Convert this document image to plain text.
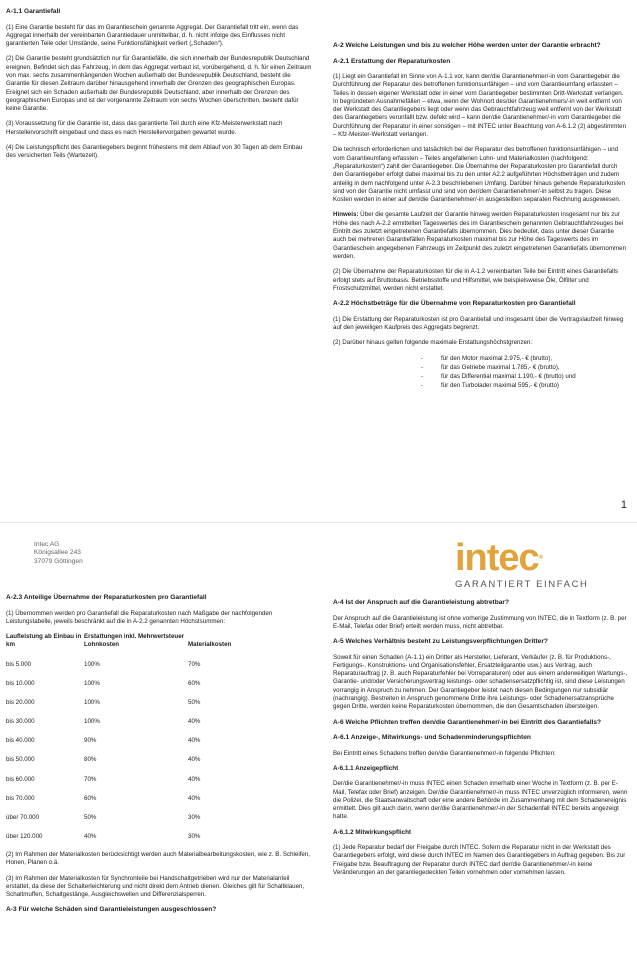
A-1.1 Garantiefall

(1) Eine Garantie besteht für das im Garantieschein genannte Aggregat. Der Garantiefall tritt ein, wenn das Aggregat innerhalb der vereinbarten Garantiedauer unmittelbar, d. h. nicht infolge des Einflusses nicht garantierten Teile oder Umstände, seine Funktionsfähigkeit verliert („Schaden“).

(2) Die Garantie besteht grundsätzlich nur für Garantiefälle, die sich innerhalb der Bundesrepublik Deutschland ereignen. Befindet sich das Fahrzeug, in dem das Aggregat verbaut ist, vorübergehend, d. h. für einen Zeitraum von max. sechs zusammenhängenden Wochen außerhalb der Bundesrepublik Deutschland, besteht die Garantie für diesen Zeitraum darüber hinausgehend innerhalb der Grenzen des geographischen Europas. Ereignet sich ein Schaden außerhalb der Bundesrepublik Deutschland, aber innerhalb der Grenzen des geographischen Europas und ist der vorgenannte Zeitraum von sechs Wochen überschritten, besteht dafür keine Garantie.

(3) Voraussetzung für die Garantie ist, dass das garantierte Teil durch eine Kfz-Meisterwerkstatt nach Herstellervorschrift eingebaut und dass es nach Herstellervorgaben gewartet wurde.

(4) Die Leistungspflicht des Garantiegebers beginnt frühestens mit dem Ablauf von 30 Tagen ab dem Einbau des versicherten Teils (Wartezeit).

A-2 Welche Leistungen und bis zu welcher Höhe werden unter der Garantie erbracht?
A-2.1 Erstattung der Reparaturkosten

(1) Liegt ein Garantiefall im Sinne von A-1.1 vor, kann der/die Garantienehmer/-in vom Garantiegeber die Durchführung der Reparatur des betroffenen funktionsunfähigen – und vom Garantieumfang erfassten – Teiles in dessen eigener Werkstatt oder in einer vom Garantiegeber bestimmten Dritt-Werkstatt verlangen. In begründeten Ausnahmefällen – etwa, wenn der Wohnort des/der Garantienehmers/-in weit entfernt von der Werkstatt des Garantiegebers liegt oder wenn das Gebrauchtfahrzeug weit entfernt von der Werkstatt des Garantiegebers verunfallt bzw. defekt wird – kann der/die Garantienehmer/-in vom Garantiegeber die Durchführung der Reparatur in einer sonstigen – mit INTEC unter Beachtung von A-6.1.2 (2) abgestimmten – Kfz-Meister-Werkstatt verlangen.

Die technisch erforderlichen und tatsächlich bei der Reparatur des betroffenen funktionsunfähigen – und vom Garantieumfang erfassten – Teiles angefallenen Lohn- und Materialkosten (nachfolgend: „Reparaturkosten“) zahlt der Garantiegeber. Die Übernahme der Reparaturkosten pro Garantiefall durch den Garantiegeber erfolgt dabei maximal bis zu den unter A2.2 aufgeführten Höchstbeträgen und zudem anteilig in dem nachfolgend unter A-2.3 beschriebenen Umfang. Darüber hinaus gehende Reparaturkosten sind von der Garantie nicht umfasst und sind von der/dem Garantienehmer/-in selbst zu tragen. Diese Kosten werden in einer auf den/die Garantienehmer/-in ausgestellten separaten Rechnung ausgewiesen.

Hinweis: Über die gesamte Laufzeit der Garantie hinweg werden Reparaturkosten insgesamt nur bis zur Höhe des nach A-2.2 ermittelten Tageswertes des im Garantieschein genannten Gebrauchtfahrzeuges bei Eintritt des zuletzt eingetretenen Garantiefalls übernommen. Dies bedeutet, dass unter dieser Garantie auch bei mehreren Garantiefällen Reparaturkosten maximal bis zur Höhe des Tageswerts des im Garantieschein angegebenen Fahrzeugs im Zeitpunkt des zuletzt eingetretenen Garantiefalls übernommen werden.

(2) Die Übernahme der Reparaturkosten für die in A-1.2 vereinbarten Teile bei Eintritt eines Garantiefalls erfolgt stets auf Bruttobasis. Betriebsstoffe und Hilfsmittel, wie beispielsweise Öle, Ölfilter und Frostschutzmittel, werden nicht erstattet.

A-2.2 Höchstbeträge für die Übernahme von Reparaturkosten pro Garantiefall

(1) Die Erstattung der Reparaturkosten ist pro Garantiefall und insgesamt über die Vertragslaufzeit hinweg auf den jeweiligen Kaufpreis des Aggregats begrenzt.

(2) Darüber hinaus gelten folgende maximale Erstattungshöchstgrenzen:

-	für den Motor maximal 2.975,- € (brutto),
-	für das Getriebe maximal 1.785,- € (brutto),
-	für das Differential maximal 1.190,- € (brutto) und
-	für den Turbolader maximal 595,- € (brutto)
1
Intec AG
Königsallee 243
37079 Göttingen	intec®
GARANTIERT EINFACH
A-2.3 Anteilige Übernahme der Reparaturkosten pro Garantiefall

(1) Übernommen werden pro Garantiefall die Reparaturkosten nach Maßgabe der nachfolgenden Leistungstabelle, jeweils beschränkt auf die in A-2.2 genannten Höchstsummen:

Laufleistung ab Einbau in km	Erstattungen inkl. Mehrwertsteuer
Lohnkosten	Materialkosten
bis 5.000	100%	70%
bis 10.000	100%	60%
bis 20.000	100%	50%
bis 30.000	100%	40%
bis 40.000	90%	40%
bis 50.000	80%	40%
bis 60.000	70%	40%
bis 70.000	60%	40%
über 70.000	50%	30%
über 120.000	40%	30%

(2) Im Rahmen der Materialkosten berücksichtigt werden auch Materialbearbeitungskosten, wie z. B. Schleifen, Honen, Planen o.ä.

(3) Im Rahmen der Materialkosten für Synchronteile bei Handschaltgetrieben wird nur der Materialanteil erstattet, da diese der Schalterleichterung und nicht direkt dem Antrieb dienen. Gleiches gilt für Schaltklauen, Schaltmuffen, Schaltgestänge, Ausgleichswellen und Differenzialsperren.

A-3 Für welche Schäden sind Garantieleistungen ausgeschlossen?
A-4 Ist der Anspruch auf die Garantieleistung abtretbar?

Der Anspruch auf die Garantieleistung ist ohne vorherige Zustimmung von INTEC, die in Textform (z. B. per E-Mail, Telefax oder Brief) erteilt werden muss, nicht abtretbar.

A-5 Welches Verhältnis besteht zu Leistungsverpflichtungen Dritter?

Soweit für einen Schaden (A-1.1) ein Dritter als Hersteller, Lieferant, Verkäufer (z. B. für Produktions-, Fertigungs-, Konstruktions- und Organisationsfehler, Ersatzteilgarantie usw.) aus Vertrag, auch Reparaturauftrag (z. B. auch Reparaturfehler bei Vorreparaturen) oder aus einem anderweitigen Wartungs-, Garantie- und/oder Versicherungsvertrag leistungs- oder schadensersatzpflichtig ist, sind diese Leistungen vorrangig in Anspruch zu nehmen. Der Garantiegeber leistet nach diesen Bedingungen nur subsidiär (nachrangig). Bestreiten in Anspruch genommene Dritte ihre Leistungs- oder Schadenersatzansprüche gegen Dritte, werden keine Reparaturkosten übernommen, die den Gesamtschaden übersteigen.

A-6 Welche Pflichten treffen den/die Garantienehmer/-in bei Eintritt des Garantiefalls?
A-6.1 Anzeige-, Mitwirkungs- und Schadenminderungspflichten

Bei Eintritt eines Schadens treffen den/die Garantienehmer/-in folgende Pflichten:

A-6.1.1 Anzeigepflicht

Der/die Garantienehmer/-in muss INTEC einen Schaden innerhalb einer Woche in Textform (z. B. per E-Mail, Telefax oder Brief) anzeigen. Der/die Garantienehmer/-in muss INTEC unverzüglich informieren, wenn die Polizei, die Staatsanwaltschaft oder eine andere Behörde im Zusammenhang mit dem Schadenereignis ermittelt. Dies gilt auch dann, wenn der/die Garantienehmer/-in der Schadenfall INTEC bereits angezeigt hatte.

A-6.1.2 Mitwirkungspflicht

(1) Jede Reparatur bedarf der Freigabe durch INTEC. Sofern die Reparatur nicht in der Werkstatt des Garantiegebers erfolgt, wird diese durch INTEC im Namen des Garantiegebers in Auftrag gegeben. Bis zur Freigabe bzw. Beauftragung der Reparatur durch INTEC darf der/die Garantienehmer/-in keine Veränderungen an der garantiegedeckten Teilen vornehmen oder vornehmen lassen.
